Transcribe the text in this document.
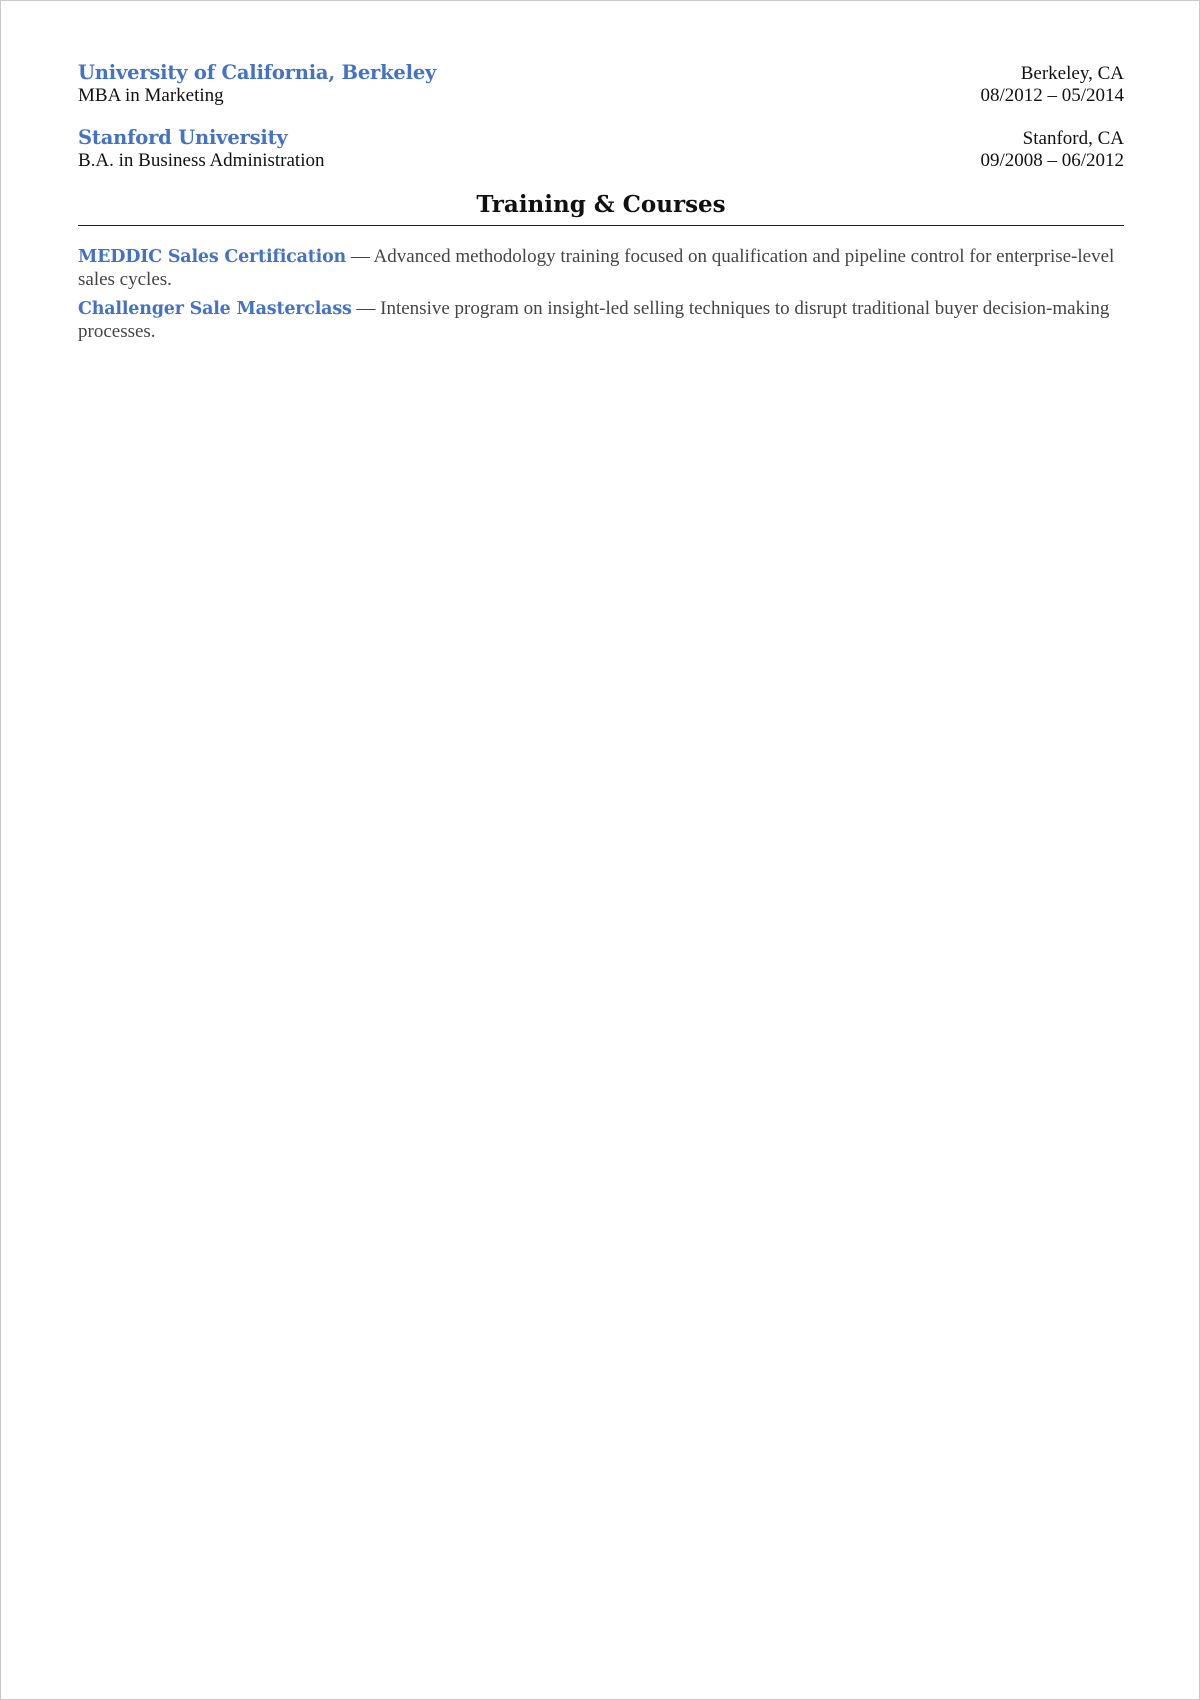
University of California, Berkeley
MBA in Marketing
Berkeley, CA
08/2012 – 05/2014
Stanford University
B.A. in Business Administration
Stanford, CA
09/2008 – 06/2012
Training & Courses
MEDDIC Sales Certification — Advanced methodology training focused on qualification and pipeline control for enterprise-level sales cycles.
Challenger Sale Masterclass — Intensive program on insight-led selling techniques to disrupt traditional buyer decision-making processes.
